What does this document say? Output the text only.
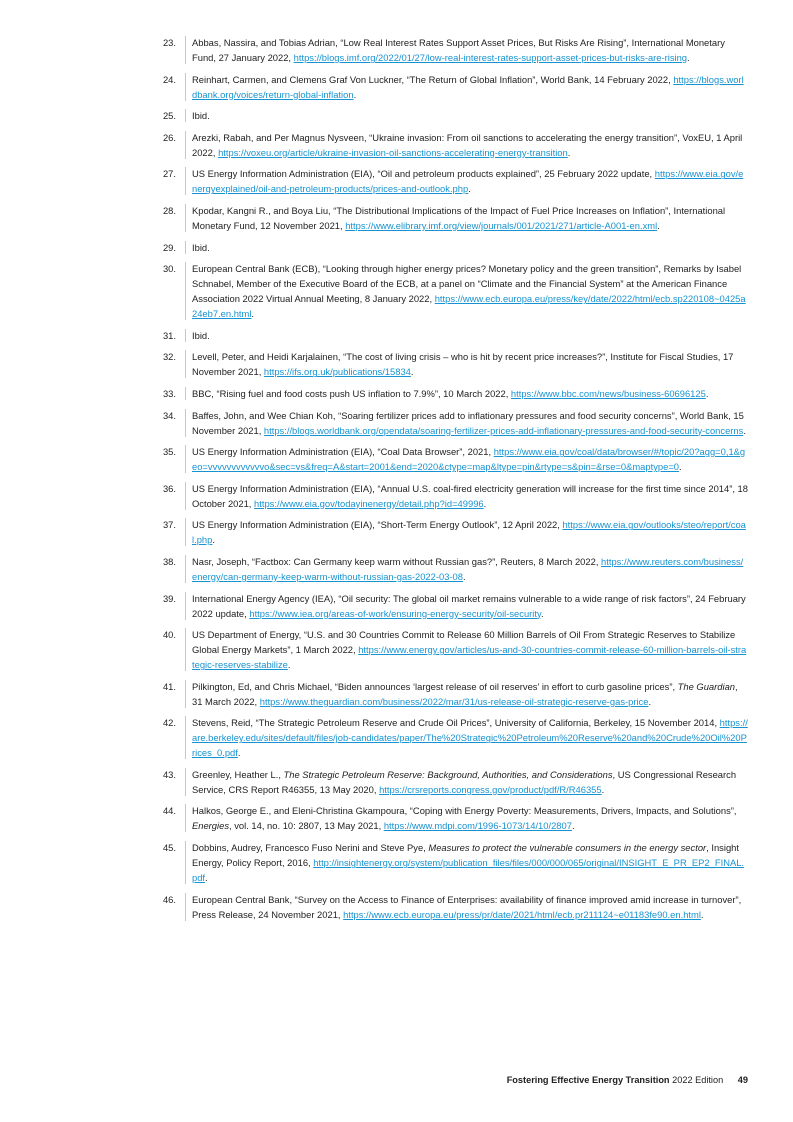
23.	Abbas, Nassira, and Tobias Adrian, “Low Real Interest Rates Support Asset Prices, But Risks Are Rising”, International Monetary Fund, 27 January 2022, https://blogs.imf.org/2022/01/27/low-real-interest-rates-support-asset-prices-but-risks-are-rising.
24.	Reinhart, Carmen, and Clemens Graf Von Luckner, “The Return of Global Inflation”, World Bank, 14 February 2022, https://blogs.worldbank.org/voices/return-global-inflation.
25.	Ibid.
26.	Arezki, Rabah, and Per Magnus Nysveen, “Ukraine invasion: From oil sanctions to accelerating the energy transition”, VoxEU, 1 April 2022, https://voxeu.org/article/ukraine-invasion-oil-sanctions-accelerating-energy-transition.
27.	US Energy Information Administration (EIA), “Oil and petroleum products explained”, 25 February 2022 update, https://www.eia.gov/energyexplained/oil-and-petroleum-products/prices-and-outlook.php.
28.	Kpodar, Kangni R., and Boya Liu, “The Distributional Implications of the Impact of Fuel Price Increases on Inflation”, International Monetary Fund, 12 November 2021, https://www.elibrary.imf.org/view/journals/001/2021/271/article-A001-en.xml.
29.	Ibid.
30.	European Central Bank (ECB), “Looking through higher energy prices? Monetary policy and the green transition”, Remarks by Isabel Schnabel, Member of the Executive Board of the ECB, at a panel on “Climate and the Financial System” at the American Finance Association 2022 Virtual Annual Meeting, 8 January 2022, https://www.ecb.europa.eu/press/key/date/2022/html/ecb.sp220108~0425a24eb7.en.html.
31.	Ibid.
32.	Levell, Peter, and Heidi Karjalainen, “The cost of living crisis – who is hit by recent price increases?”, Institute for Fiscal Studies, 17 November 2021, https://ifs.org.uk/publications/15834.
33.	BBC, “Rising fuel and food costs push US inflation to 7.9%”, 10 March 2022, https://www.bbc.com/news/business-60696125.
34.	Baffes, John, and Wee Chian Koh, “Soaring fertilizer prices add to inflationary pressures and food security concerns”, World Bank, 15 November 2021, https://blogs.worldbank.org/opendata/soaring-fertilizer-prices-add-inflationary-pressures-and-food-security-concerns.
35.	US Energy Information Administration (EIA), “Coal Data Browser”, 2021, https://www.eia.gov/coal/data/browser/#/topic/20?agg=0,1&geo=vvvvvvvvvvvvo&sec=vs&freq=A&start=2001&end=2020&ctype=map&ltype=pin&rtype=s&pin=&rse=0&maptype=0.
36.	US Energy Information Administration (EIA), “Annual U.S. coal-fired electricity generation will increase for the first time since 2014”, 18 October 2021, https://www.eia.gov/todayinenergy/detail.php?id=49996.
37.	US Energy Information Administration (EIA), “Short-Term Energy Outlook”, 12 April 2022, https://www.eia.gov/outlooks/steo/report/coal.php.
38.	Nasr, Joseph, “Factbox: Can Germany keep warm without Russian gas?”, Reuters, 8 March 2022, https://www.reuters.com/business/energy/can-germany-keep-warm-without-russian-gas-2022-03-08.
39.	International Energy Agency (IEA), “Oil security: The global oil market remains vulnerable to a wide range of risk factors”, 24 February 2022 update, https://www.iea.org/areas-of-work/ensuring-energy-security/oil-security.
40.	US Department of Energy, “U.S. and 30 Countries Commit to Release 60 Million Barrels of Oil From Strategic Reserves to Stabilize Global Energy Markets”, 1 March 2022, https://www.energy.gov/articles/us-and-30-countries-commit-release-60-million-barrels-oil-strategic-reserves-stabilize.
41.	Pilkington, Ed, and Chris Michael, “Biden announces ‘largest release of oil reserves’ in effort to curb gasoline prices”, The Guardian, 31 March 2022, https://www.theguardian.com/business/2022/mar/31/us-release-oil-strategic-reserve-gas-price.
42.	Stevens, Reid, “The Strategic Petroleum Reserve and Crude Oil Prices”, University of California, Berkeley, 15 November 2014, https://are.berkeley.edu/sites/default/files/job-candidates/paper/The%20Strategic%20Petroleum%20Reserve%20and%20Crude%20Oil%20Prices_0.pdf.
43.	Greenley, Heather L., The Strategic Petroleum Reserve: Background, Authorities, and Considerations, US Congressional Research Service, CRS Report R46355, 13 May 2020, https://crsreports.congress.gov/product/pdf/R/R46355.
44.	Halkos, George E., and Eleni-Christina Gkampoura, “Coping with Energy Poverty: Measurements, Drivers, Impacts, and Solutions”, Energies, vol. 14, no. 10: 2807, 13 May 2021, https://www.mdpi.com/1996-1073/14/10/2807.
45.	Dobbins, Audrey, Francesco Fuso Nerini and Steve Pye, Measures to protect the vulnerable consumers in the energy sector, Insight Energy, Policy Report, 2016, http://insightenergy.org/system/publication_files/files/000/000/065/original/INSIGHT_E_PR_EP2_FINAL.pdf.
46.	European Central Bank, “Survey on the Access to Finance of Enterprises: availability of finance improved amid increase in turnover”, Press Release, 24 November 2021, https://www.ecb.europa.eu/press/pr/date/2021/html/ecb.pr211124~e01183fe90.en.html.
Fostering Effective Energy Transition 2022 Edition 49
